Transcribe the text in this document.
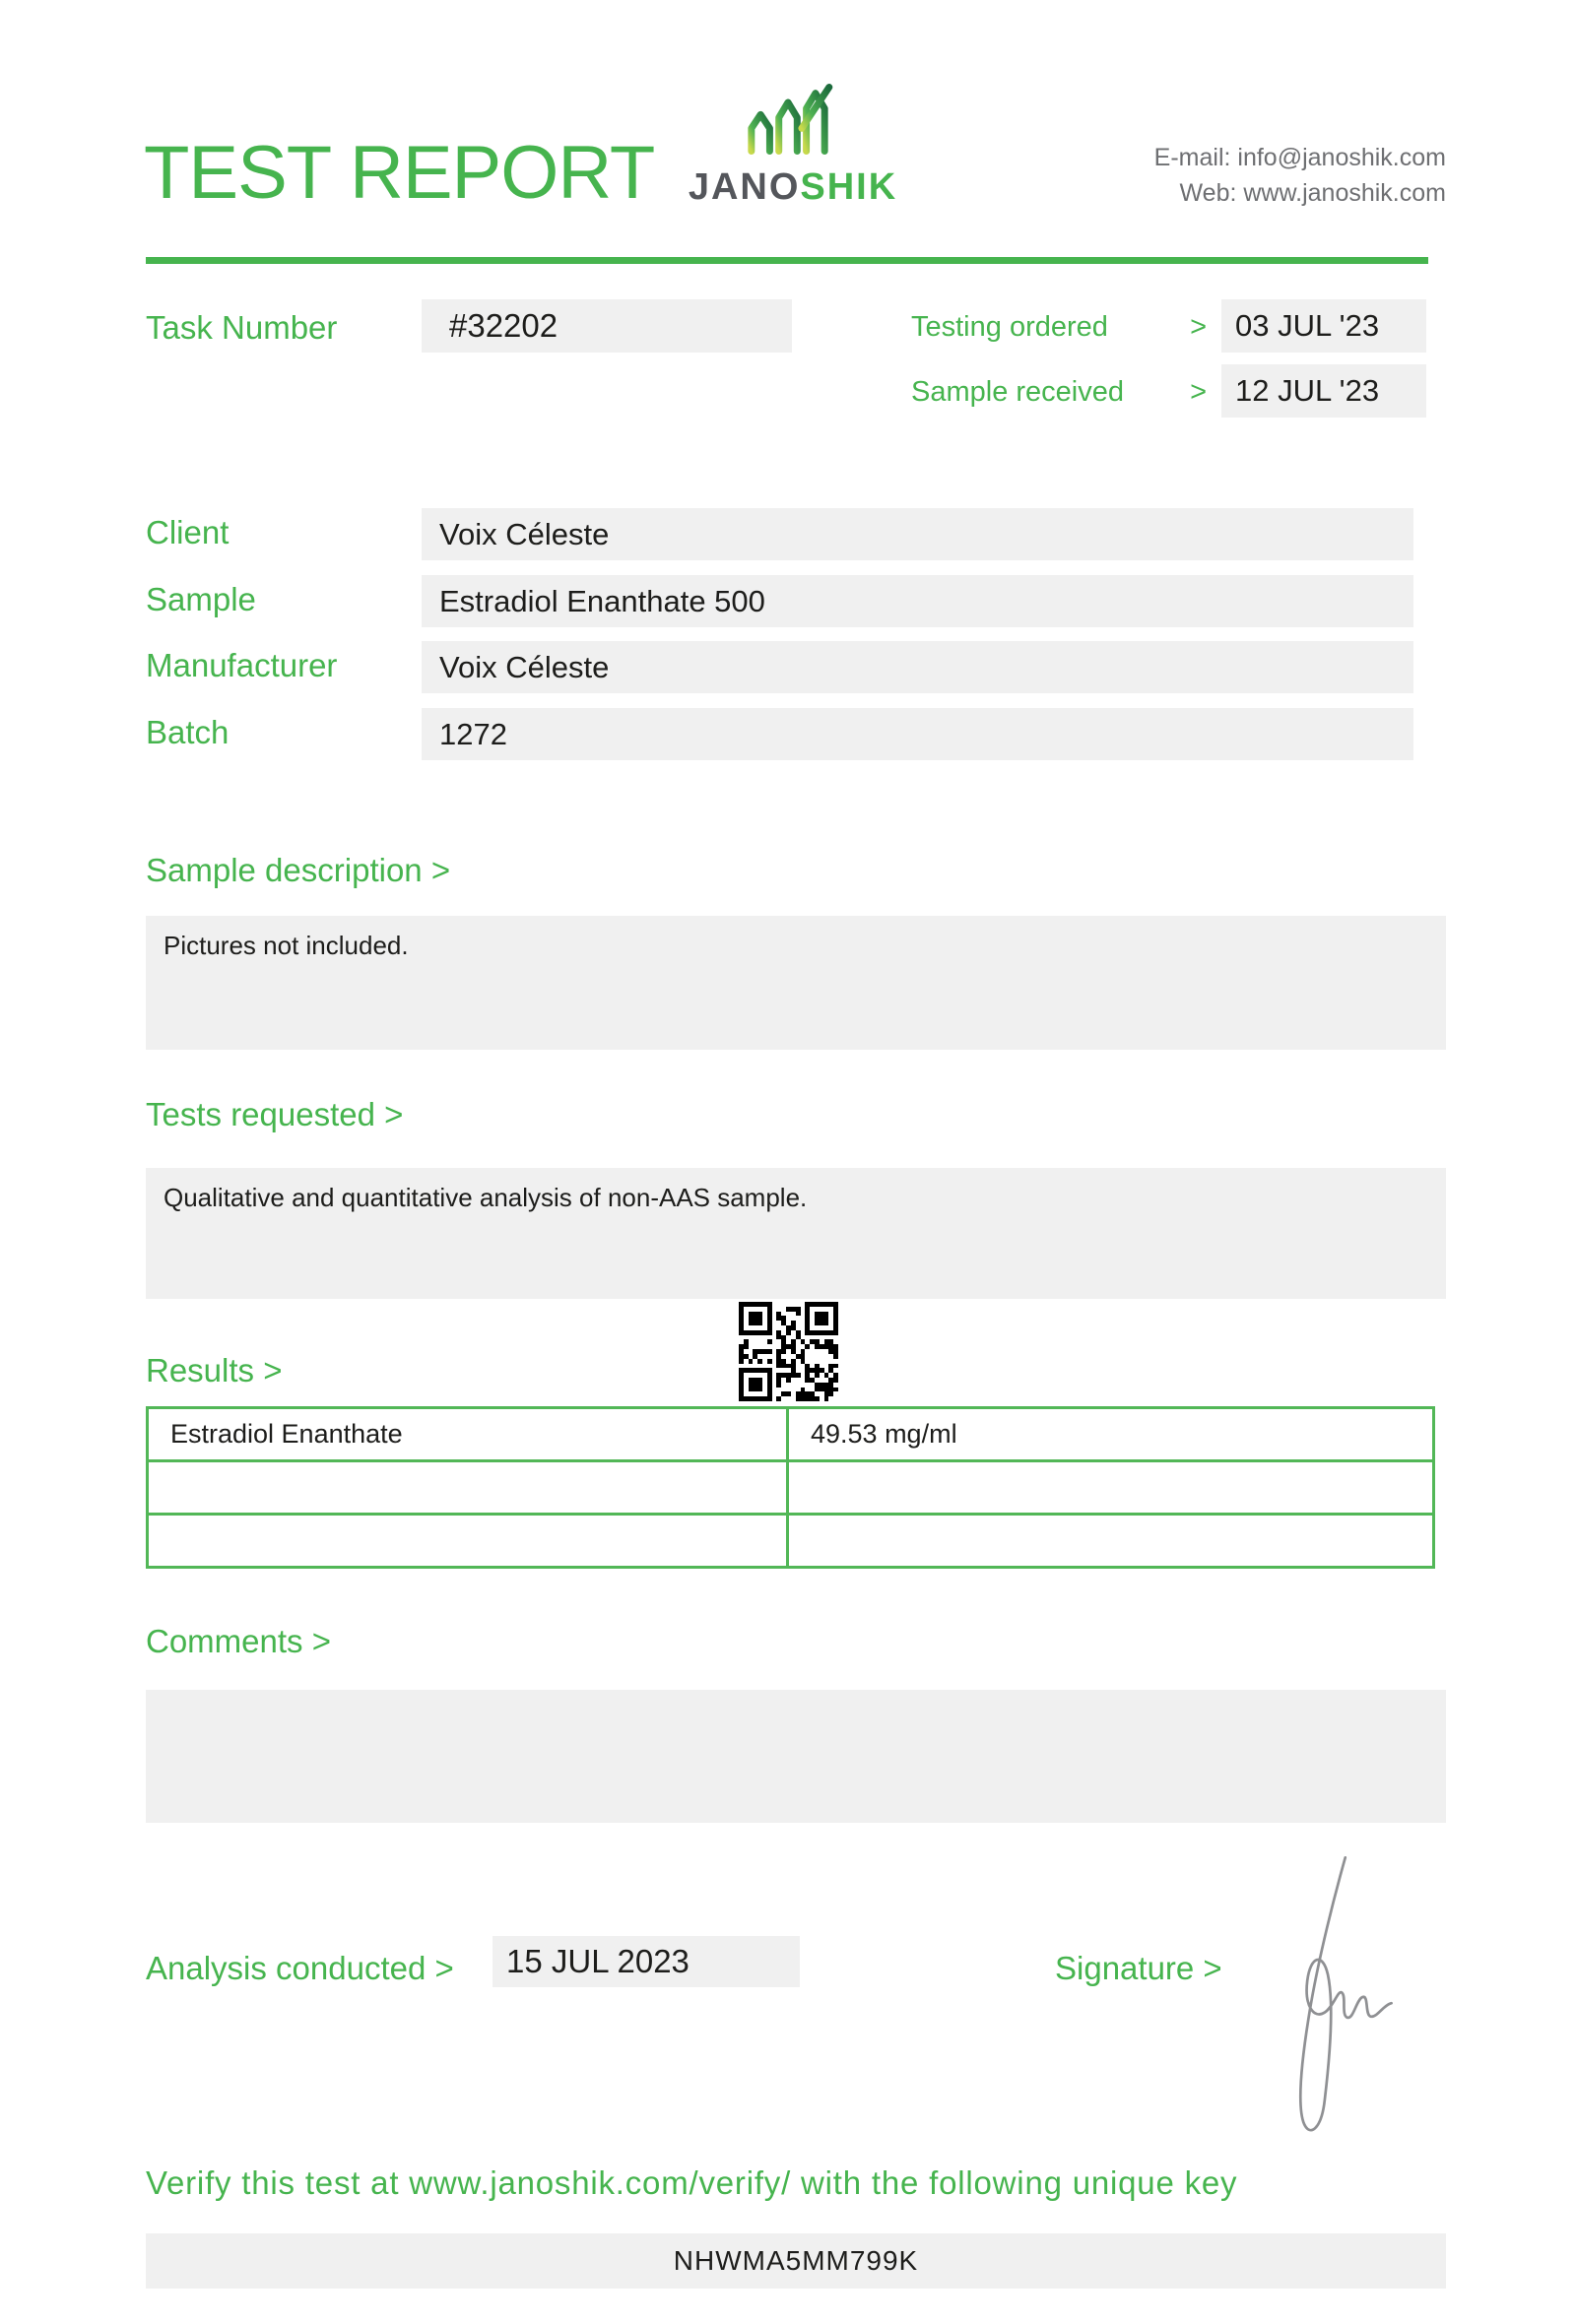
TEST REPORT JANOSHIK
E-mail: info@janoshik.com
Web: www.janoshik.com
Task Number	#32202	Testing ordered	> 03 JUL '23
Sample received > 12 JUL '23
Client	Voix Céleste
Sample	Estradiol Enanthate 500
Manufacturer	Voix Céleste
Batch	1272
Sample description >
Pictures not included.
Tests requested >
Qualitative and quantitative analysis of non-AAS sample.
Results >
Estradiol Enanthate	49.53 mg/ml

Comments >
Analysis conducted >	15 JUL 2023	Signature >
Verify this test at www.janoshik.com/verify/ with the following unique key
NHWMA5MM799K
